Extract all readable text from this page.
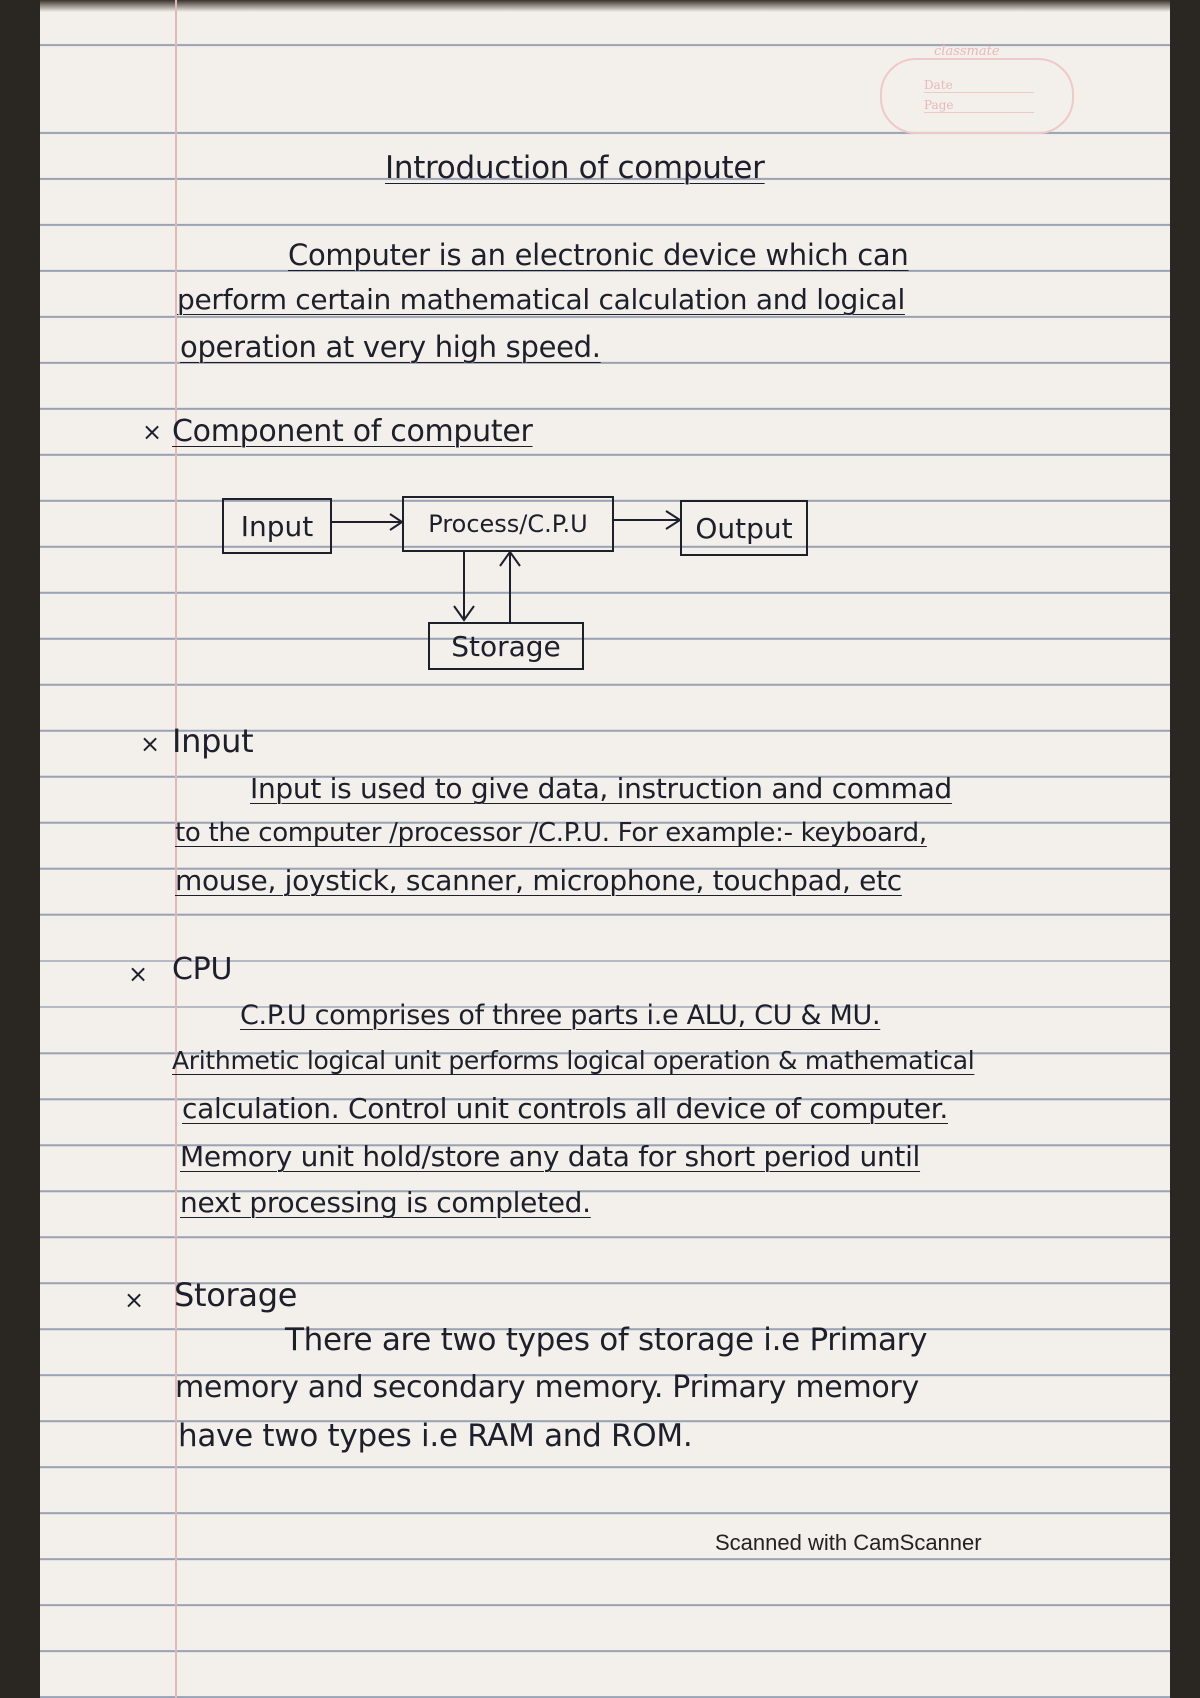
classmate
Date
Page
Introduction of computer
Computer is an electronic device which can
perform certain mathematical calculation and logical
operation at very high speed.
× Component of computer
Input	Process/C.P.U	Output
Storage
× Input
Input is used to give data, instruction and commad
to the computer /processor /C.P.U. For example:- keyboard,
mouse, joystick, scanner, microphone, touchpad, etc
× CPU
C.P.U comprises of three parts i.e ALU, CU & MU.
Arithmetic logical unit performs logical operation & mathematical
calculation. Control unit controls all device of computer.
Memory unit hold/store any data for short period until
next processing is completed.
× Storage
There are two types of storage i.e Primary
memory and secondary memory. Primary memory
have two types i.e RAM and ROM.
Scanned with CamScanner
